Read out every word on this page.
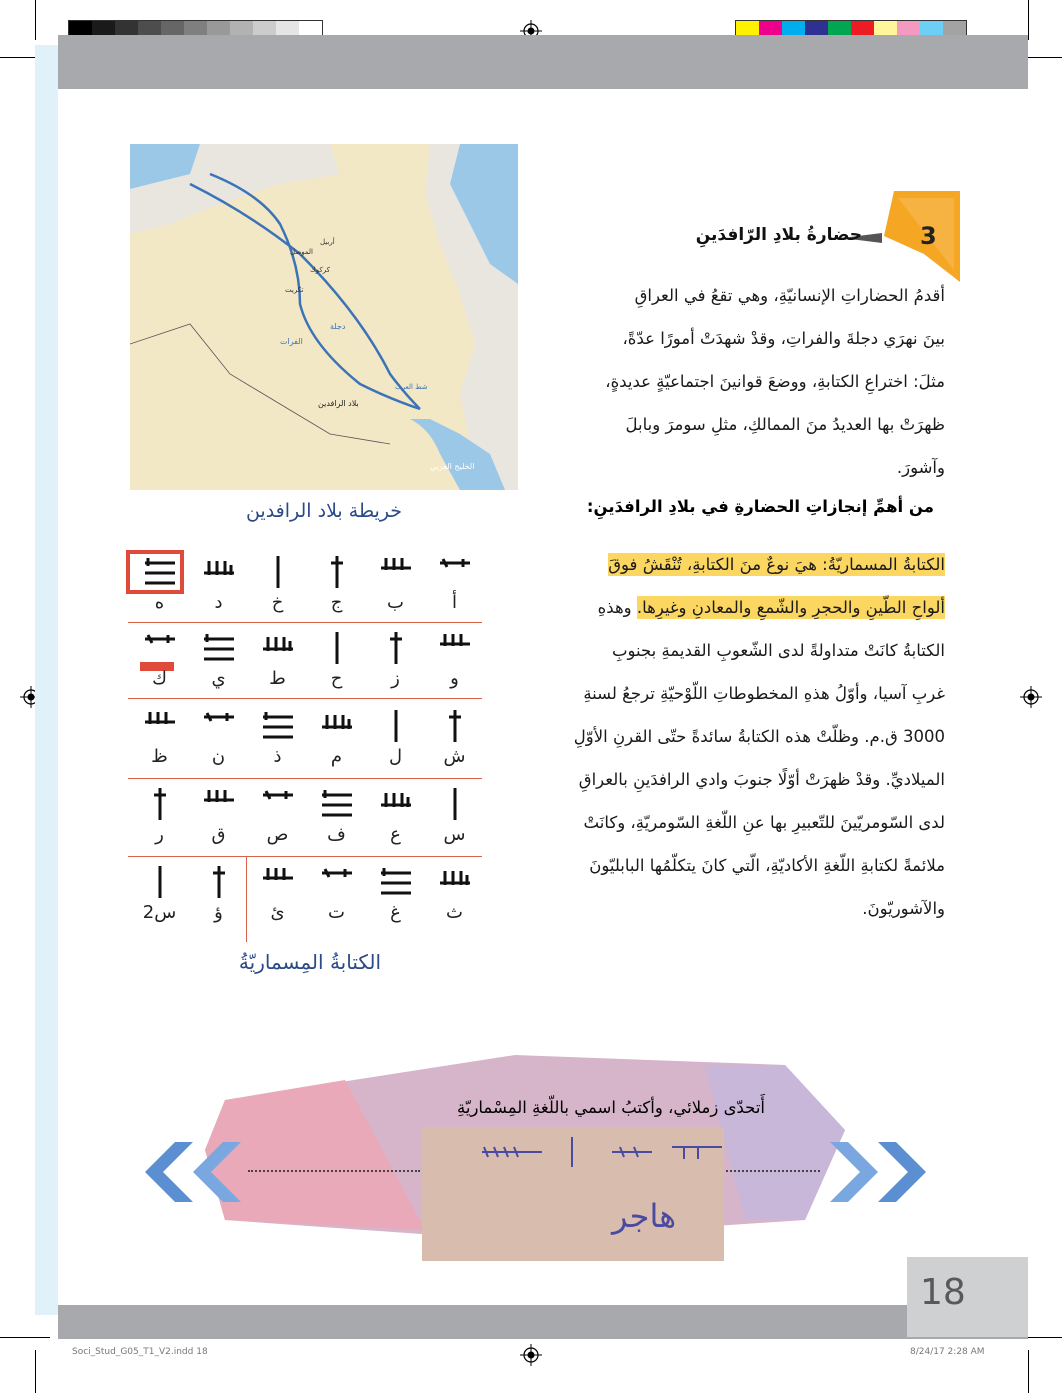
أربيل
الموصل
كركوك
تكريت
دجلة
الفرات
بلاد الرافدين
شط العرب
الخليج العربي
خريطة بلاد الرافدين
3
حضارةُ بلادِ الرّافدَينِ
أقدمُ الحضاراتِ الإنسانيّةِ، وهي تقعُ في العراقِ
بينَ نهرَي دجلةَ والفراتِ، وقدْ شهدَتْ أمورًا عدّةً،
مثلَ: اختراعِ الكتابةِ، ووضعَ قوانينَ اجتماعيّةٍ عديدةٍ،
ظهرَتْ بها العديدُ منَ الممالكِ، مثلِ سومرَ وبابلَ
وآشورَ.
من أهمِّ إنجازاتِ الحضارةِ في بلادِ الرافدَينِ:
الكتابةُ المسماريّةُ: هيَ نوعٌ منَ الكتابةِ، تُنْقَشُ فوقَ
ألواحِ الطّينِ والحجرِ والشّمعِ والمعادنِ وغيرِها. وهذهِ
الكتابةُ كانَتْ متداولةً لدى الشّعوبِ القديمةِ بجنوبِ
غربِ آسيا، وأوّلُ هذهِ المخطوطاتِ اللّوْحيّةِ ترجعُ لسنةِ
3000 ق.م. وظلّتْ هذه الكتابةُ سائدةً حتّى القرنِ الأوّلِ
الميلاديِّ. وقدْ ظهرَتْ أوّلًا جنوبَ وادي الرافدَينِ بالعراقِ
لدى السّومريّينَ للتّعبيرِ بها عنِ اللّغةِ السّومريّةِ، وكانَتْ
ملائمةً لكتابةِ اللّغةِ الأكاديّةِ، الّتي كانَ يتكلّمُها البابليّونَ
والآشوريّونَ.
أ
ب
ج
خ
د
ه
و
ز
ح
ط
ي
ك
ش
ل
م
ذ
ن
ظ
س
ع
ف
ص
ق
ر
ث
غ
ت
ئ
ؤ
س2
الكتابةُ المِسماريّةُ
أَتحدّى زملائي، وأكتبُ اسمي باللّغةِ المِسْماريّةِ
هاجر
18
Soci_Stud_G05_T1_V2.indd 18	8/24/17 2:28 AM
